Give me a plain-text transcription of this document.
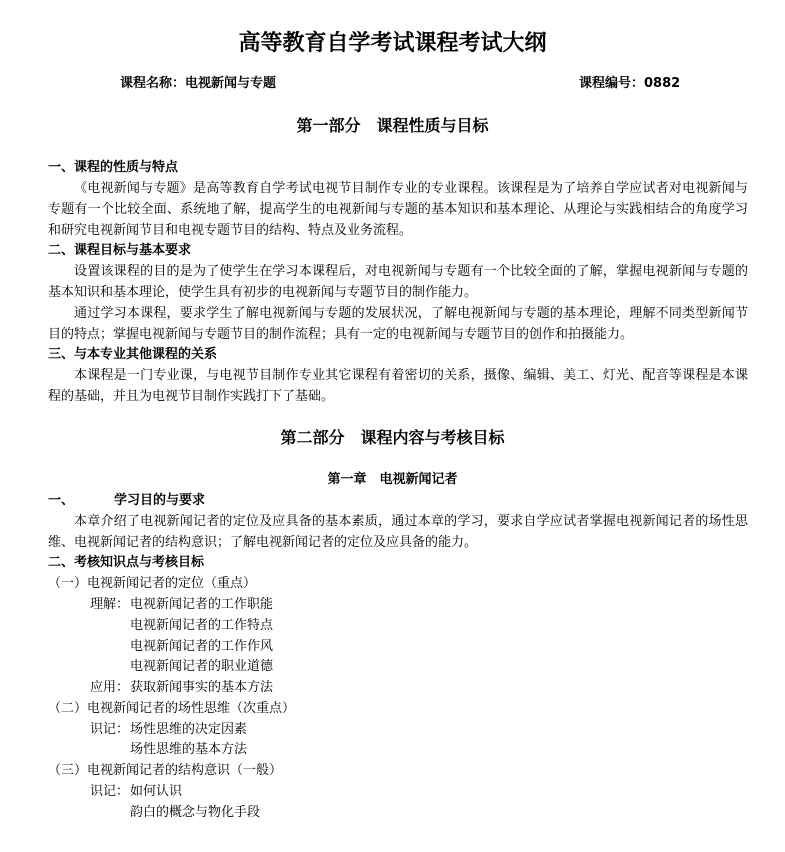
高等教育自学考试课程考试大纲
课程名称：电视新闻与专题	课程编号：0882
第一部分　课程性质与目标
一、课程的性质与特点

《电视新闻与专题》是高等教育自学考试电视节目制作专业的专业课程。该课程是为了培养自学应试者对电视新闻与专题有一个比较全面、系统地了解，提高学生的电视新闻与专题的基本知识和基本理论、从理论与实践相结合的角度学习和研究电视新闻节目和电视专题节目的结构、特点及业务流程。

二、课程目标与基本要求

设置该课程的目的是为了使学生在学习本课程后，对电视新闻与专题有一个比较全面的了解，掌握电视新闻与专题的基本知识和基本理论，使学生具有初步的电视新闻与专题节目的制作能力。

通过学习本课程，要求学生了解电视新闻与专题的发展状况，了解电视新闻与专题的基本理论，理解不同类型新闻节目的特点；掌握电视新闻与专题节目的制作流程；具有一定的电视新闻与专题节目的创作和拍摄能力。

三、与本专业其他课程的关系

本课程是一门专业课，与电视节目制作专业其它课程有着密切的关系，摄像、编辑、美工、灯光、配音等课程是本课程的基础，并且为电视节目制作实践打下了基础。

第二部分　课程内容与考核目标
第一章　电视新闻记者
一、	学习目的与要求

本章介绍了电视新闻记者的定位及应具备的基本素质，通过本章的学习，要求自学应试者掌握电视新闻记者的场性思维、电视新闻记者的结构意识；了解电视新闻记者的定位及应具备的能力。

二、考核知识点与考核目标
（一）电视新闻记者的定位（重点）
理解： 电视新闻记者的工作职能
电视新闻记者的工作特点
电视新闻记者的工作作风
电视新闻记者的职业道德
应用： 获取新闻事实的基本方法
（二）电视新闻记者的场性思维（次重点）
识记： 场性思维的决定因素
场性思维的基本方法
（三）电视新闻记者的结构意识（一般）
识记： 如何认识
韵白的概念与物化手段
